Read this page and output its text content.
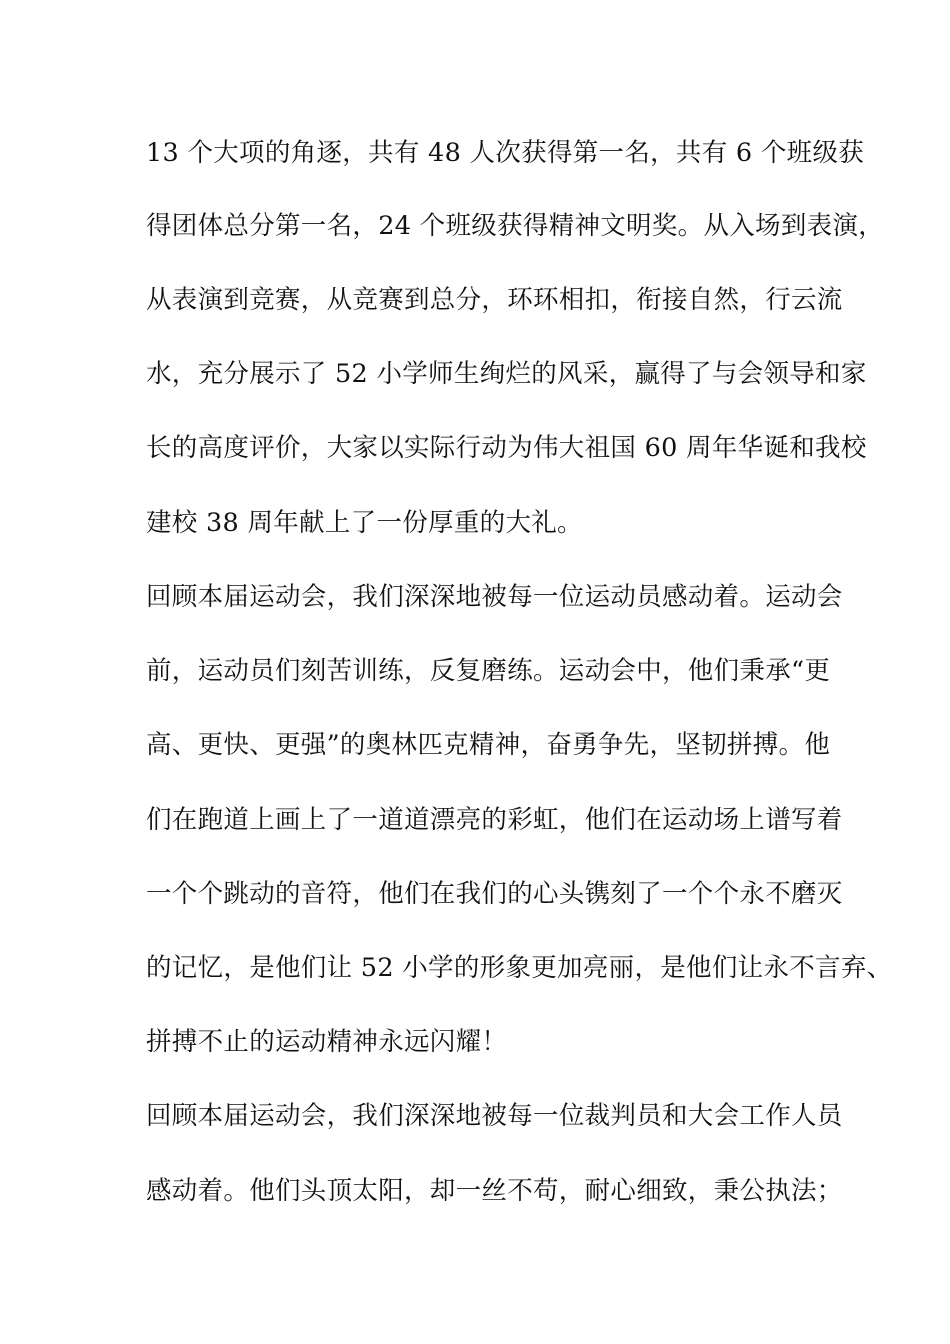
13 个大项的角逐，共有 48 人次获得第一名，共有 6 个班级获
得团体总分第一名，24 个班级获得精神文明奖。从入场到表演，
从表演到竞赛，从竞赛到总分，环环相扣，衔接自然，行云流
水，充分展示了 52 小学师生绚烂的风采，赢得了与会领导和家
长的高度评价，大家以实际行动为伟大祖国 60 周年华诞和我校
建校 38 周年献上了一份厚重的大礼。
回顾本届运动会，我们深深地被每一位运动员感动着。运动会
前，运动员们刻苦训练，反复磨练。运动会中，他们秉承“更
高、更快、更强”的奥林匹克精神，奋勇争先，坚韧拼搏。他
们在跑道上画上了一道道漂亮的彩虹，他们在运动场上谱写着
一个个跳动的音符，他们在我们的心头镌刻了一个个永不磨灭
的记忆，是他们让 52 小学的形象更加亮丽，是他们让永不言弃、
拼搏不止的运动精神永远闪耀！
回顾本届运动会，我们深深地被每一位裁判员和大会工作人员
感动着。他们头顶太阳，却一丝不苟，耐心细致，秉公执法；
